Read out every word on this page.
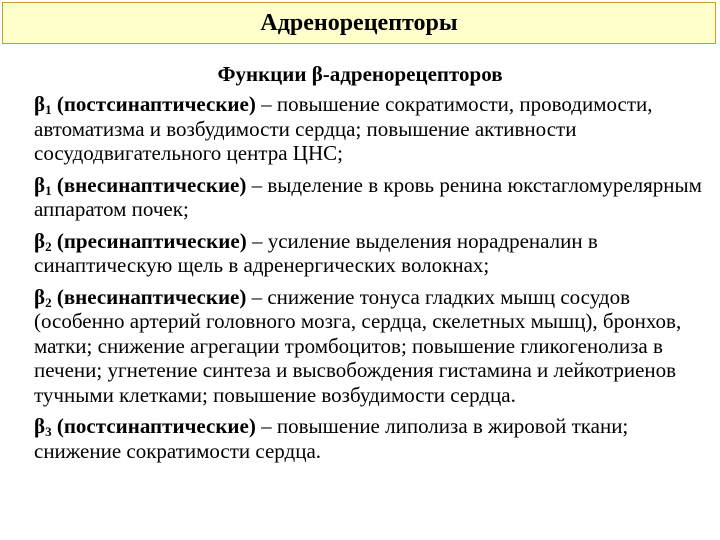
Адренорецепторы
Функции β-адренорецепторов
$\beta_1$ (постсинаптические) – повышение сократимости, проводимости, автоматизма и возбудимости сердца; повышение активности сосудодвигательного центра ЦНС;
$\beta_1$ (внесинаптические) – выделение в кровь ренина юкстагломурелярным аппаратом почек;
$\beta_2$ (пресинаптические) – усиление выделения норадреналин в синаптическую щель в адренергических волокнах;
$\beta_2$ (внесинаптические) – снижение тонуса гладких мышц сосудов (особенно артерий головного мозга, сердца, скелетных мышц), бронхов, матки; снижение агрегации тромбоцитов; повышение гликогенолиза в печени; угнетение синтеза и высвобождения гистамина и лейкотриенов тучными клетками; повышение возбудимости сердца.
$\beta_3$ (постсинаптические) – повышение липолиза в жировой ткани; снижение сократимости сердца.
